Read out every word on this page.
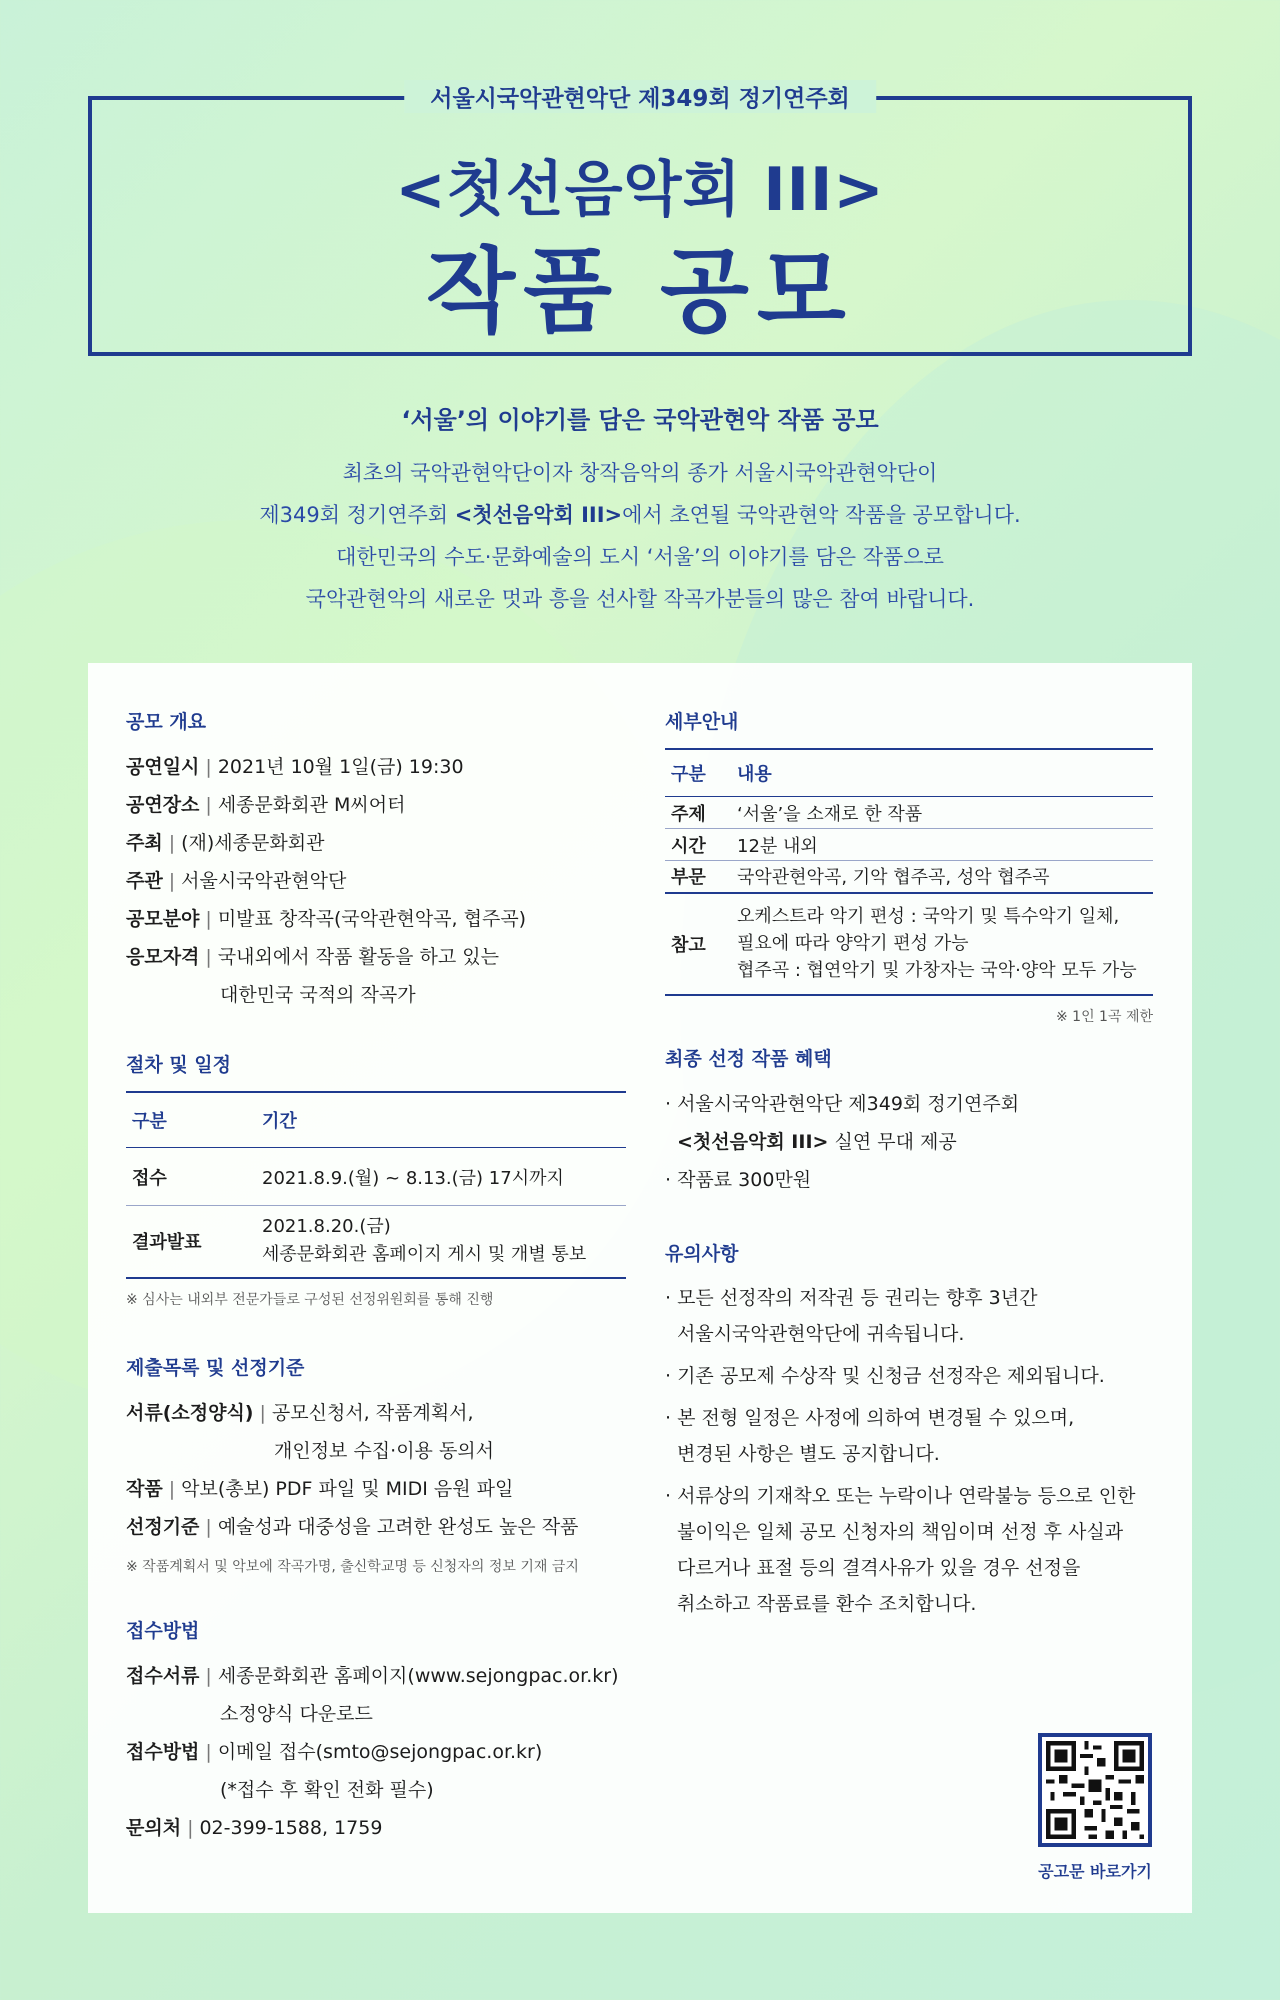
서울시국악관현악단 제349회 정기연주회
<첫선음악회 III>
작품 공모
‘서울’의 이야기를 담은 국악관현악 작품 공모

최초의 국악관현악단이자 창작음악의 종가 서울시국악관현악단이

제349회 정기연주회 <첫선음악회 III>에서 초연될 국악관현악 작품을 공모합니다.

대한민국의 수도·문화예술의 도시 ‘서울’의 이야기를 담은 작품으로

국악관현악의 새로운 멋과 흥을 선사할 작곡가분들의 많은 참여 바랍니다.

공모 개요
공연일시 | 2021년 10월 1일(금) 19:30
공연장소 | 세종문화회관 M씨어터
주최 | (재)세종문화회관
주관 | 서울시국악관현악단
공모분야 | 미발표 창작곡(국악관현악곡, 협주곡)
응모자격 | 국내외에서 작품 활동을 하고 있는
대한민국 국적의 작곡가
절차 및 일정
구분	기간
접수	2021.8.9.(월) ~ 8.13.(금) 17시까지
결과발표	2021.8.20.(금)
세종문화회관 홈페이지 게시 및 개별 통보
※ 심사는 내외부 전문가들로 구성된 선정위원회를 통해 진행
제출목록 및 선정기준
서류(소정양식) | 공모신청서, 작품계획서,
개인정보 수집·이용 동의서
작품 | 악보(총보) PDF 파일 및 MIDI 음원 파일
선정기준 | 예술성과 대중성을 고려한 완성도 높은 작품
※ 작품계획서 및 악보에 작곡가명, 출신학교명 등 신청자의 정보 기재 금지
접수방법
접수서류 | 세종문화회관 홈페이지(www.sejongpac.or.kr)
소정양식 다운로드
접수방법 | 이메일 접수(smto@sejongpac.or.kr)
(*접수 후 확인 전화 필수)
문의처 | 02-399-1588, 1759
세부안내
구분	내용
주제	‘서울’을 소재로 한 작품
시간	12분 내외
부문	국악관현악곡, 기악 협주곡, 성악 협주곡
참고	오케스트라 악기 편성 : 국악기 및 특수악기 일체,
필요에 따라 양악기 편성 가능
협주곡 : 협연악기 및 가창자는 국악·양악 모두 가능
※ 1인 1곡 제한
최종 선정 작품 혜택
· 서울시국악관현악단 제349회 정기연주회
<첫선음악회 III> 실연 무대 제공
· 작품료 300만원
유의사항
· 모든 선정작의 저작권 등 권리는 향후 3년간
서울시국악관현악단에 귀속됩니다.
· 기존 공모제 수상작 및 신청금 선정작은 제외됩니다.
· 본 전형 일정은 사정에 의하여 변경될 수 있으며,
변경된 사항은 별도 공지합니다.
· 서류상의 기재착오 또는 누락이나 연락불능 등으로 인한
불이익은 일체 공모 신청자의 책임이며 선정 후 사실과
다르거나 표절 등의 결격사유가 있을 경우 선정을
취소하고 작품료를 환수 조치합니다.
공고문 바로가기
